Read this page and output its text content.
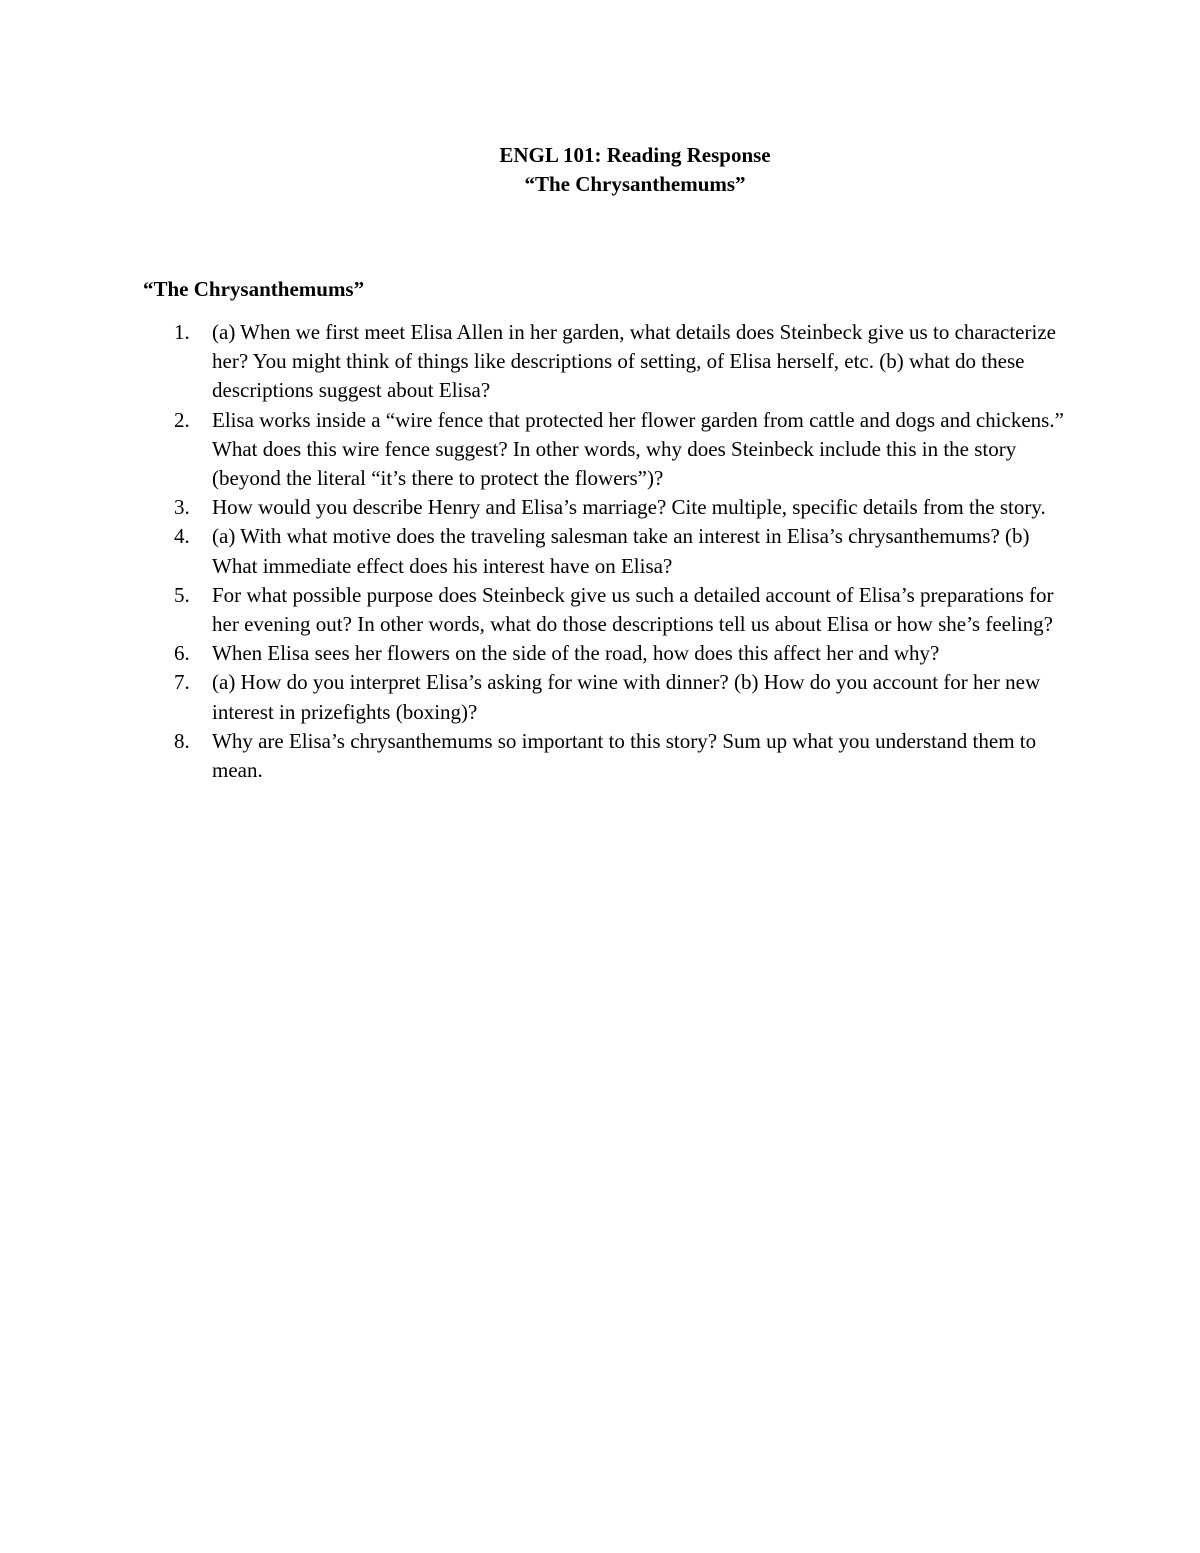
ENGL 101: Reading Response
“The Chrysanthemums”
“The Chrysanthemums”
1. (a) When we first meet Elisa Allen in her garden, what details does Steinbeck give us to characterize her? You might think of things like descriptions of setting, of Elisa herself, etc. (b) what do these descriptions suggest about Elisa?
2. Elisa works inside a “wire fence that protected her flower garden from cattle and dogs and chickens.” What does this wire fence suggest? In other words, why does Steinbeck include this in the story (beyond the literal “it’s there to protect the flowers”)?
3. How would you describe Henry and Elisa’s marriage? Cite multiple, specific details from the story.
4. (a) With what motive does the traveling salesman take an interest in Elisa’s chrysanthemums? (b) What immediate effect does his interest have on Elisa?
5. For what possible purpose does Steinbeck give us such a detailed account of Elisa’s preparations for her evening out? In other words, what do those descriptions tell us about Elisa or how she’s feeling?
6. When Elisa sees her flowers on the side of the road, how does this affect her and why?
7. (a) How do you interpret Elisa’s asking for wine with dinner? (b) How do you account for her new interest in prizefights (boxing)?
8. Why are Elisa’s chrysanthemums so important to this story? Sum up what you understand them to mean.
